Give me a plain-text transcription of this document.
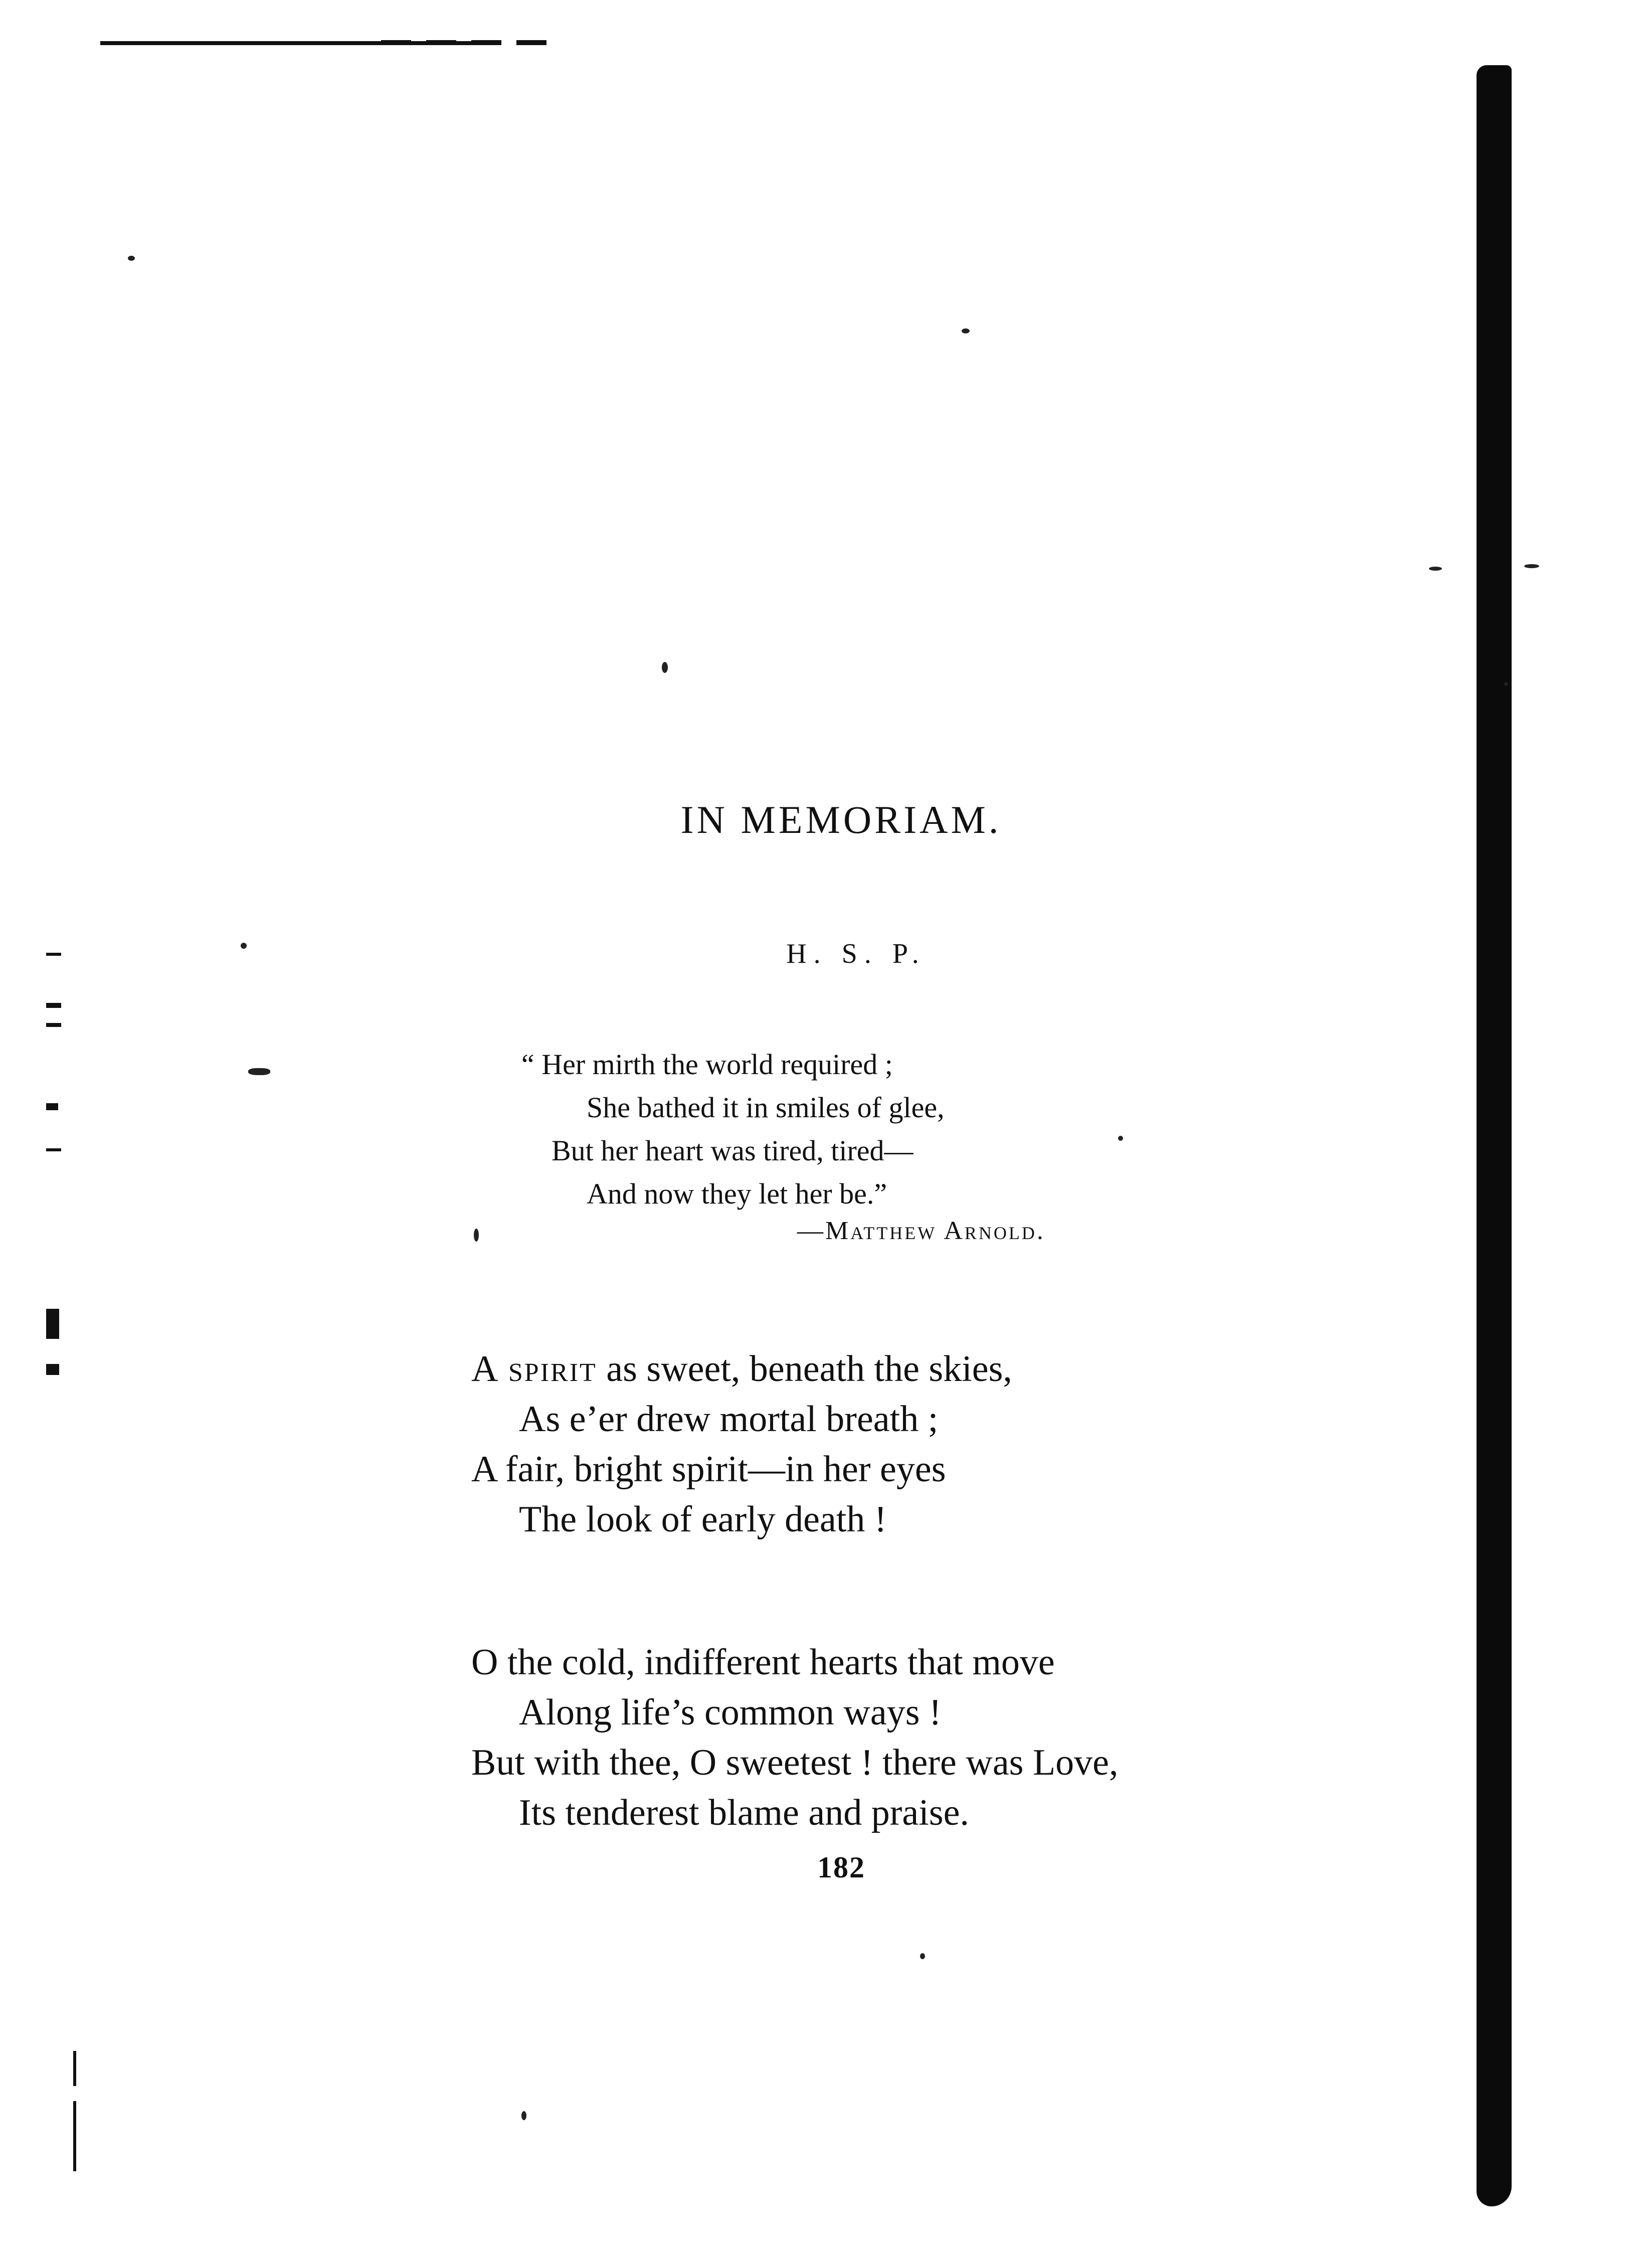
IN MEMORIAM.
H. S. P.
“ Her mirth the world required ;
She bathed it in smiles of glee,
But her heart was tired, tired—
And now they let her be.”
—Matthew Arnold.
A spirit as sweet, beneath the skies,
As e’er drew mortal breath ;
A fair, bright spirit—in her eyes
The look of early death !
O the cold, indifferent hearts that move
Along life’s common ways !
But with thee, O sweetest ! there was Love,
Its tenderest blame and praise.
182
